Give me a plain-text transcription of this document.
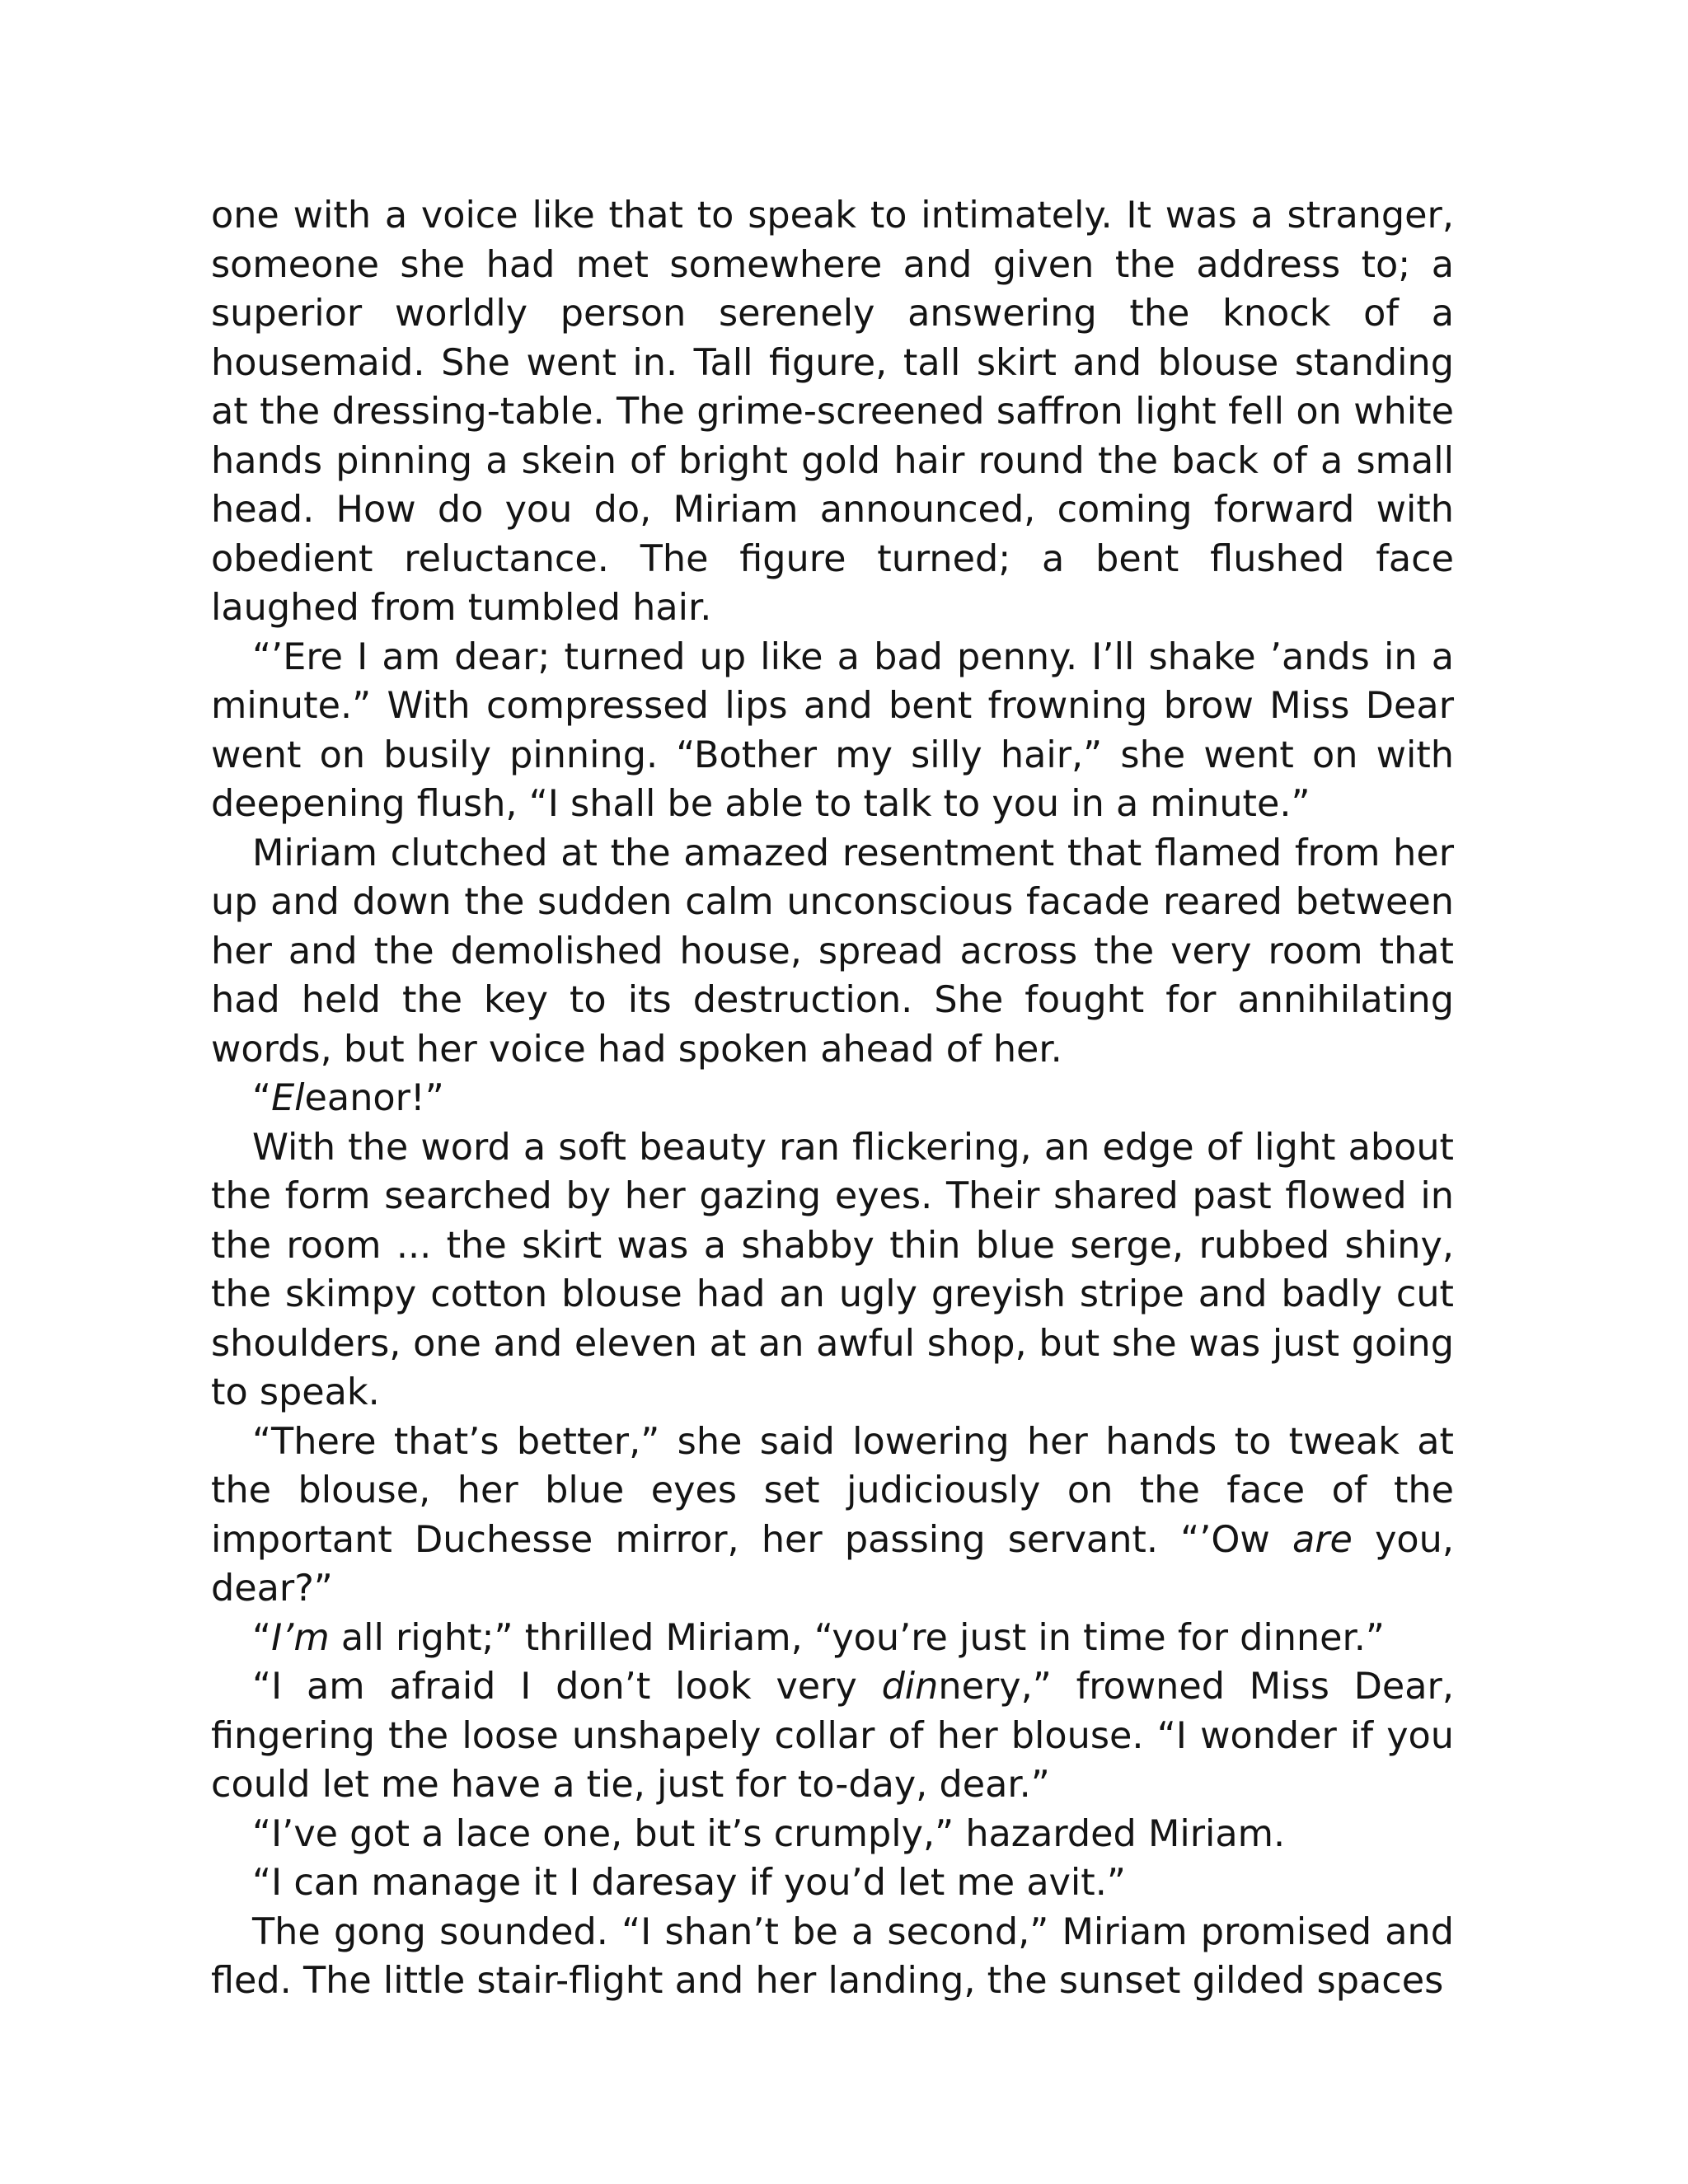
one with a voice like that to speak to intimately. It was a stranger, someone she had met somewhere and given the address to; a superior worldly person serenely answering the knock of a housemaid. She went in. Tall figure, tall skirt and blouse standing at the dressing-table. The grime-screened saffron light fell on white hands pinning a skein of bright gold hair round the back of a small head. How do you do, Miriam announced, coming forward with obedient reluctance. The figure turned; a bent flushed face laughed from tumbled hair.

“’Ere I am dear; turned up like a bad penny. I’ll shake ’ands in a minute.” With compressed lips and bent frowning brow Miss Dear went on busily pinning. “Bother my silly hair,” she went on with deepening flush, “I shall be able to talk to you in a minute.”

Miriam clutched at the amazed resentment that flamed from her up and down the sudden calm unconscious facade reared between her and the demolished house, spread across the very room that had held the key to its destruction. She fought for annihilating words, but her voice had spoken ahead of her.

“Eleanor!”

With the word a soft beauty ran flickering, an edge of light about the form searched by her gazing eyes. Their shared past flowed in the room ... the skirt was a shabby thin blue serge, rubbed shiny, the skimpy cotton blouse had an ugly greyish stripe and badly cut shoulders, one and eleven at an awful shop, but she was just going to speak.

“There that’s better,” she said lowering her hands to tweak at the blouse, her blue eyes set judiciously on the face of the important Duchesse mirror, her passing servant. “’Ow are you, dear?”

“I’m all right;” thrilled Miriam, “you’re just in time for dinner.”

“I am afraid I don’t look very dinnery,” frowned Miss Dear, fingering the loose unshapely collar of her blouse. “I wonder if you could let me have a tie, just for to-day, dear.”

“I’ve got a lace one, but it’s crumply,” hazarded Miriam.

“I can manage it I daresay if you’d let me avit.”

The gong sounded. “I shan’t be a second,” Miriam promised and fled. The little stair-flight and her landing, the sunset gilded spaces
